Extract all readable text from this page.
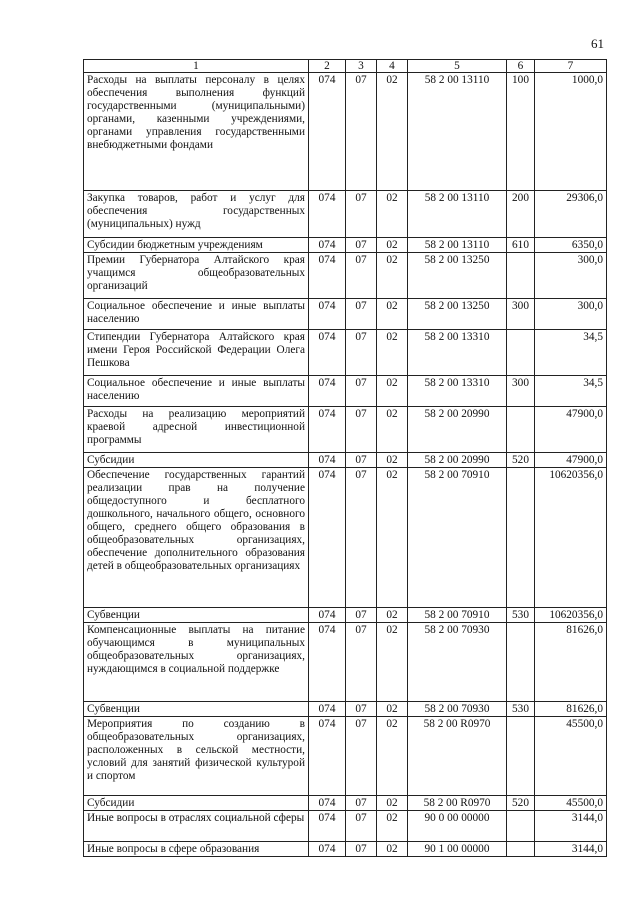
61
1	2	3	4	5	6	7
Расходы на выплаты персоналу в целях обеспечения выполнения функций государственными (муниципальными) органами, казенными учреждениями, органами управления государственными внебюджетными фондами	074	07	02	58 2 00 13110	100	1000,0
Закупка товаров, работ и услуг для обеспечения государственных (муниципальных) нужд	074	07	02	58 2 00 13110	200	29306,0
Субсидии бюджетным учреждениям	074	07	02	58 2 00 13110	610	6350,0
Премии Губернатора Алтайского края учащимся общеобразовательных организаций	074	07	02	58 2 00 13250		300,0
Социальное обеспечение и иные выплаты населению	074	07	02	58 2 00 13250	300	300,0
Стипендии Губернатора Алтайского края имени Героя Российской Федерации Олега Пешкова	074	07	02	58 2 00 13310		34,5
Социальное обеспечение и иные выплаты населению	074	07	02	58 2 00 13310	300	34,5
Расходы на реализацию мероприятий краевой адресной инвестиционной программы	074	07	02	58 2 00 20990		47900,0
Субсидии	074	07	02	58 2 00 20990	520	47900,0
Обеспечение государственных гарантий реализации прав на получение общедоступного и бесплатного дошкольного, начального общего, основного общего, среднего общего образования в общеобразовательных организациях, обеспечение дополнительного образования детей в общеобразовательных организациях	074	07	02	58 2 00 70910		10620356,0
Субвенции	074	07	02	58 2 00 70910	530	10620356,0
Компенсационные выплаты на питание обучающимся в муниципальных общеобразовательных организациях, нуждающимся в социальной поддержке	074	07	02	58 2 00 70930		81626,0
Субвенции	074	07	02	58 2 00 70930	530	81626,0
Мероприятия по созданию в общеобразовательных организациях, расположенных в сельской местности, условий для занятий физической культурой и спортом	074	07	02	58 2 00 R0970		45500,0
Субсидии	074	07	02	58 2 00 R0970	520	45500,0
Иные вопросы в отраслях социальной сферы	074	07	02	90 0 00 00000		3144,0
Иные вопросы в сфере образования	074	07	02	90 1 00 00000		3144,0
